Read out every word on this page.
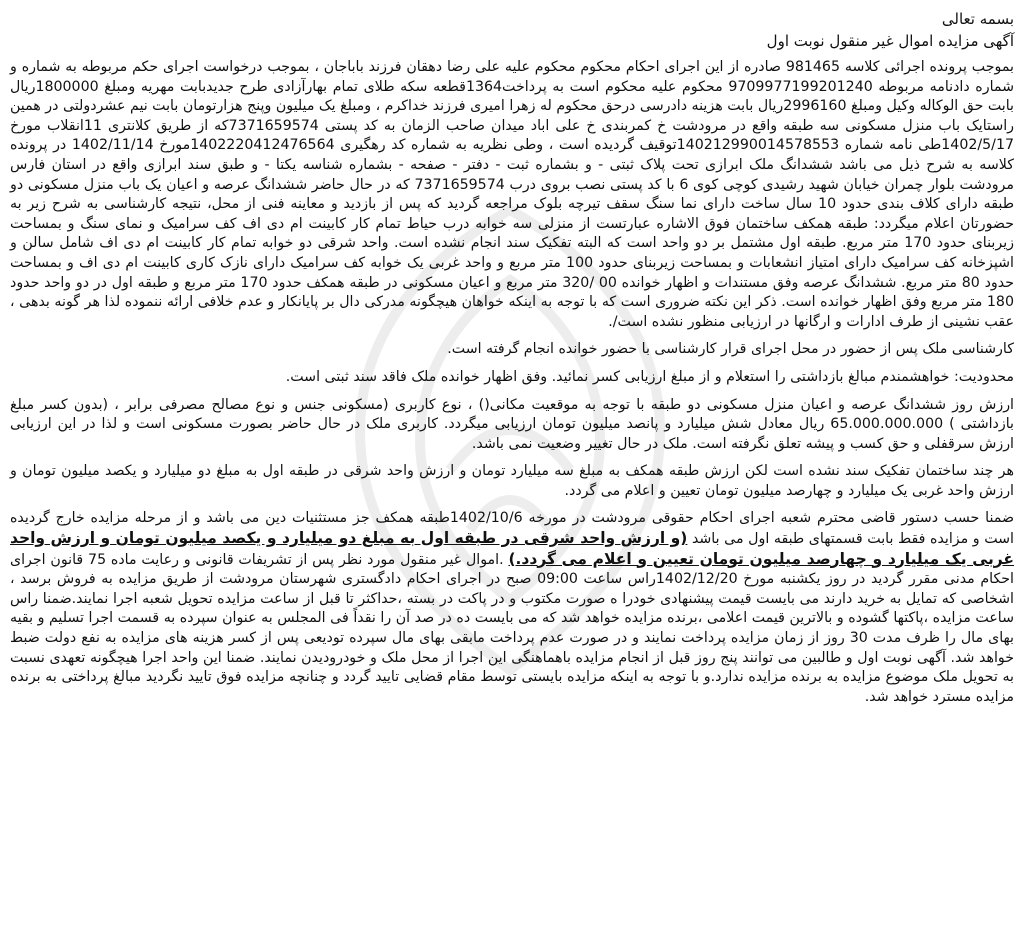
بسمه تعالی

آگهی مزایده اموال غیر منقول نوبت اول

بموجب پرونده اجرائی کلاسه 981465 صادره از این اجرای احکام محکوم محکوم علیه علی رضا دهقان فرزند باباجان ، بموجب درخواست اجرای حکم مربوطه به شماره و شماره دادنامه مربوطه 9709977199201240 محکوم علیه محکوم است به پرداخت1364قطعه سکه طلای تمام بهارآزادی طرح جدیدبابت مهریه ومبلغ 1800000ریال بابت حق الوکاله وکیل ومبلغ 2996160ریال بابت هزینه دادرسی درحق محکوم له زهرا امیری فرزند خداکرم ، ومبلغ یک میلیون وپنج هزارتومان بابت نیم عشردولتی در همین راستایک باب منزل مسکونی سه طبقه واقع در مرودشت خ کمربندی خ علی اباد میدان صاحب الزمان به کد پستی 7371659574که از طریق کلانتری 11انقلاب مورخ 1402/5/17طی نامه شماره 140212990014578553توقیف گردیده است ، وطی نظریه به شماره کد رهگیری 140222041247656‌4مورخ 1402/11/14 در پرونده کلاسه به شرح ذیل می باشد ششدانگ ملک ابرازی تحت پلاک ثبتی - و بشماره ثبت - دفتر - صفحه - بشماره شناسه یکتا - و طبق سند ابرازی واقع در استان فارس مرودشت بلوار چمران خیابان شهید رشیدی کوچی کوی 6 با کد پستی نصب بروی درب 7371659574 که در حال حاضر ششدانگ عرصه و اعیان یک باب منزل مسکونی دو طبقه دارای کلاف بندی حدود 10 سال ساخت دارای نما سنگ سقف تیرچه بلوک مراجعه گردید که پس از بازدید و معاینه فنی از محل، نتیجه کارشناسی به شرح زیر به حضورتان اعلام میگردد: طبقه همکف ساختمان فوق الاشاره عبارتست از منزلی سه خوابه درب حیاط تمام کار کابینت ام دی اف کف سرامیک و نمای سنگ و بمساحت زیربنای حدود 170 متر مربع. طبقه اول مشتمل بر دو واحد است که البته تفکیک سند انجام نشده است. واحد شرقی دو خوابه تمام کار کابینت ام دی اف شامل سالن و اشپزخانه کف سرامیک دارای امتیاز انشعابات و بمساحت زیربنای حدود 100 متر مربع و واحد غربی یک خوابه کف سرامیک دارای نازک کاری کابینت ام دی اف و بمساحت حدود 80 متر مربع. ششدانگ عرصه وفق مستندات و اظهار خوانده 00 /320 متر مربع و اعیان مسکونی در طبقه همکف حدود 170 متر مربع و طبقه اول در دو واحد حدود 180 متر مربع وفق اظهار خوانده است. ذکر این نکته ضروری است که با توجه به اینکه خواهان هیچگونه مدرکی دال بر پایانکار و عدم خلافی ارائه ننموده لذا هر گونه بدهی ، عقب نشینی از طرف ادارات و ارگانها در ارزیابی منظور نشده است/.

کارشناسی ملک پس از حضور در محل اجرای قرار کارشناسی با حضور خوانده انجام گرفته است.

محدودیت: خواهشمندم مبالغ بازداشتی را استعلام و از مبلغ ارزیابی کسر نمائید. وفق اظهار خوانده ملک فاقد سند ثبتی است.

ارزش روز ششدانگ عرصه و اعیان منزل مسکونی دو طبقه با توجه به موقعیت مکانی() ، نوع کاربری (مسکونی جنس و نوع مصالح مصرفی برابر ، (بدون کسر مبلغ بازداشتی ) 65.000.000.000 ریال معادل شش میلیارد و پانصد میلیون تومان ارزیابی میگردد. کاربری ملک در حال حاضر بصورت مسکونی است و لذا در این ارزیابی ارزش سرقفلی و حق کسب و پیشه تعلق نگرفته است. ملک در حال تغییر وضعیت نمی باشد.

هر چند ساختمان تفکیک سند نشده است لکن ارزش طبقه همکف به مبلغ سه میلیارد تومان و ارزش واحد شرقی در طبقه اول به مبلغ دو میلیارد و یکصد میلیون تومان و ارزش واحد غربی یک میلیارد و چهارصد میلیون تومان تعیین و اعلام می گردد.

ضمنا حسب دستور قاضی محترم شعبه اجرای احکام حقوقی مرودشت در مورخه 1402/10/6طبقه همکف جز مستثنیات دین می باشد و از مرحله مزایده خارج گردیده است و مزایده فقط بابت قسمتهای طبقه اول می باشد (و ارزش واحد شرقی در طبقه اول به مبلغ دو میلیارد و یکصد میلیون تومان و ارزش واحد غربی یک میلیارد و چهارصد میلیون تومان تعیین و اعلام می گردد.) .اموال غیر منقول مورد نظر پس از تشریفات قانونی و رعایت ماده 75 قانون اجرای احکام مدنی مقرر گردید در روز یکشنبه مورخ 1402/12/20راس ساعت 09:00 صبح در اجرای احکام دادگستری شهرستان مرودشت از طریق مزایده به فروش برسد ، اشخاصی که تمایل به خرید دارند می بایست قیمت پیشنهادی خودرا ه صورت مکتوب و در پاکت در بسته ،حداکثر تا قبل از ساعت مزایده تحویل شعبه اجرا نمایند.ضمنا راس ساعت مزایده ،پاکتها گشوده و بالاترین قیمت اعلامی ،برنده مزایده خواهد شد که می بایست ده در صد آن را نقداً فی المجلس به عنوان سپرده به قسمت اجرا تسلیم و بقیه بهای مال را ظرف مدت 30 روز از زمان مزایده پرداخت نمایند و در صورت عدم پرداخت مابقی بهای مال سپرده تودیعی پس از کسر هزینه های مزایده به نفع دولت ضبط خواهد شد. آگهی نوبت اول و طالبین می توانند پنج روز قبل از انجام مزایده باهماهنگی این اجرا از محل ملک و خودرودیدن نمایند. ضمنا این واحد اجرا هیچگونه تعهدی نسبت به تحویل ملک موضوع مزایده به برنده مزایده ندارد.و با توجه به اینکه مزایده بایستی توسط مقام قضایی تایید گردد و چنانچه مزایده فوق تایید نگردید مبالغ پرداختی به برنده مزایده مسترد خواهد شد.
